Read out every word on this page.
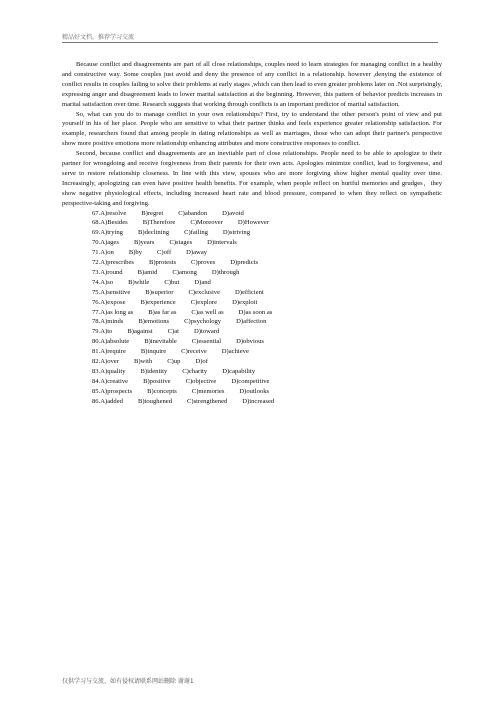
精品好文档，推荐学习交流

Because conflict and disagreements are part of all close relationships, couples need to learn strategies for managing conflict in a healthy and constructive way. Some couples just avoid and deny the presence of any conflict in a relationship. however ,denying the existence of conflict results in couples failing to solve their problems at early stages ,which can then lead to even greater problems later on .Not surprisingly, expressing anger and disagreement leads to lower marital satisfaction at the beginning. However, this pattern of behavior predicts increases in marital satisfaction over time. Research suggests that working through conflicts is an important predictor of marital satisfaction.

So, what can you do to manage conflict in your own relationships? First, try to understand the other person's point of view and put yourself in his of her place. People who are sensitive to what their partner thinks and feels experience greater relationship satisfaction. For example, researchers found that among people in dating relationships as well as marriages, those who can adopt their partner's perspective show more positive emotions more relationship enhancing attributes and more constructive responses to conflict.

Second, because conflict and disagreements are an inevitable part of close relationships. People need to be able to apologize to their partner for wrongdoing and receive forgiveness from their parents for their own acts. Apologies minimize conflict, lead to forgiveness, and serve to restore relationship closeness. In line with this view, spouses who are more forgiving show higher mental quality over time. Increasingly, apologizing can even have positive health benefits. For example, when people reflect on hurtful memories and grudges，they show negative physiological effects, including increased heart rate and blood pressure, compared to when they reflect on sympathetic perspective-taking and forgiving.

67. A)resolve B)regret C)abandon D)avoid
68. A)Besides B)Therefore C)Moreover D)However
69. A)trying B)declining C)failing D)striving
70. A)ages B)years C)stages D)intervals
71. A)on B)by C)off D)away
72. A)prescribes B)protests C)proves D)predicts
73. A)round B)amid C)among D)through
74. A)so B)while C)but D)and
75. A)sensitive B)superior C)exclusive D)efficient
76. A)expose B)experience C)explore D)exploit
77. A)as long as B)as far as C)as well as D)as soon as
78. A)minds B)emotions C)psychology D)affection
79. A)to B)against C)at D)toward
80. A)absolute B)inevitable C)essential D)obvious
81. A)require B)inquire C)receive D)achieve
82. A)over B)with C)up D)of
83. A)quality B)identity C)charity D)capability
84. A)creative B)positive C)objective D)competitive
85. A)prospects B)concepts C)memories D)outlooks
86. A)added B)toughened C)strengthened D)increased
仅供学习与交流，如有侵权请联系网站删除 谢谢1
